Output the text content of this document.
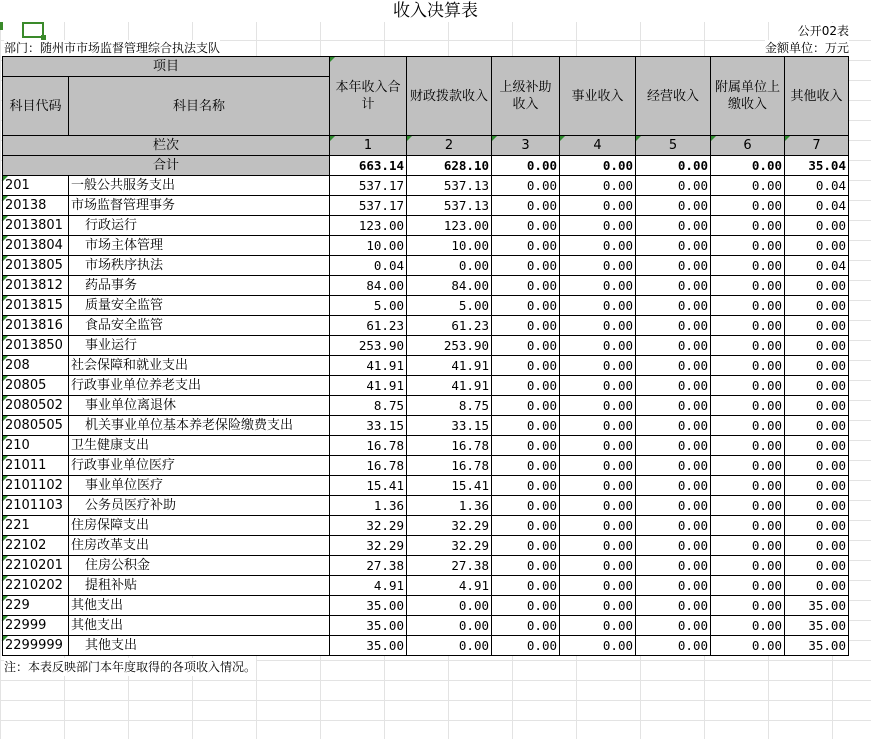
收入决算表
公开02表
部门：随州市市场监督管理综合执法支队	金额单位：万元
项目		本年收入合计	财政拨款收入	上级补助收入	事业收入	经营收入	附属单位上缴收入	其他收入
科目代码	科目名称							

栏次		1	2	3	4	5	6	7
合计		663.14	628.10	0.00	0.00	0.00	0.00	35.04
201	一般公共服务支出	537.17	537.13	0.00	0.00	0.00	0.00	0.04
20138	市场监督管理事务	537.17	537.13	0.00	0.00	0.00	0.00	0.04
2013801	行政运行	123.00	123.00	0.00	0.00	0.00	0.00	0.00
2013804	市场主体管理	10.00	10.00	0.00	0.00	0.00	0.00	0.00
2013805	市场秩序执法	0.04	0.00	0.00	0.00	0.00	0.00	0.04
2013812	药品事务	84.00	84.00	0.00	0.00	0.00	0.00	0.00
2013815	质量安全监管	5.00	5.00	0.00	0.00	0.00	0.00	0.00
2013816	食品安全监管	61.23	61.23	0.00	0.00	0.00	0.00	0.00
2013850	事业运行	253.90	253.90	0.00	0.00	0.00	0.00	0.00
208	社会保障和就业支出	41.91	41.91	0.00	0.00	0.00	0.00	0.00
20805	行政事业单位养老支出	41.91	41.91	0.00	0.00	0.00	0.00	0.00
2080502	事业单位离退休	8.75	8.75	0.00	0.00	0.00	0.00	0.00
2080505	机关事业单位基本养老保险缴费支出	33.15	33.15	0.00	0.00	0.00	0.00	0.00
210	卫生健康支出	16.78	16.78	0.00	0.00	0.00	0.00	0.00
21011	行政事业单位医疗	16.78	16.78	0.00	0.00	0.00	0.00	0.00
2101102	事业单位医疗	15.41	15.41	0.00	0.00	0.00	0.00	0.00
2101103	公务员医疗补助	1.36	1.36	0.00	0.00	0.00	0.00	0.00
221	住房保障支出	32.29	32.29	0.00	0.00	0.00	0.00	0.00
22102	住房改革支出	32.29	32.29	0.00	0.00	0.00	0.00	0.00
2210201	住房公积金	27.38	27.38	0.00	0.00	0.00	0.00	0.00
2210202	提租补贴	4.91	4.91	0.00	0.00	0.00	0.00	0.00
229	其他支出	35.00	0.00	0.00	0.00	0.00	0.00	35.00
22999	其他支出	35.00	0.00	0.00	0.00	0.00	0.00	35.00
2299999	其他支出	35.00	0.00	0.00	0.00	0.00	0.00	35.00
注：本表反映部门本年度取得的各项收入情况。
